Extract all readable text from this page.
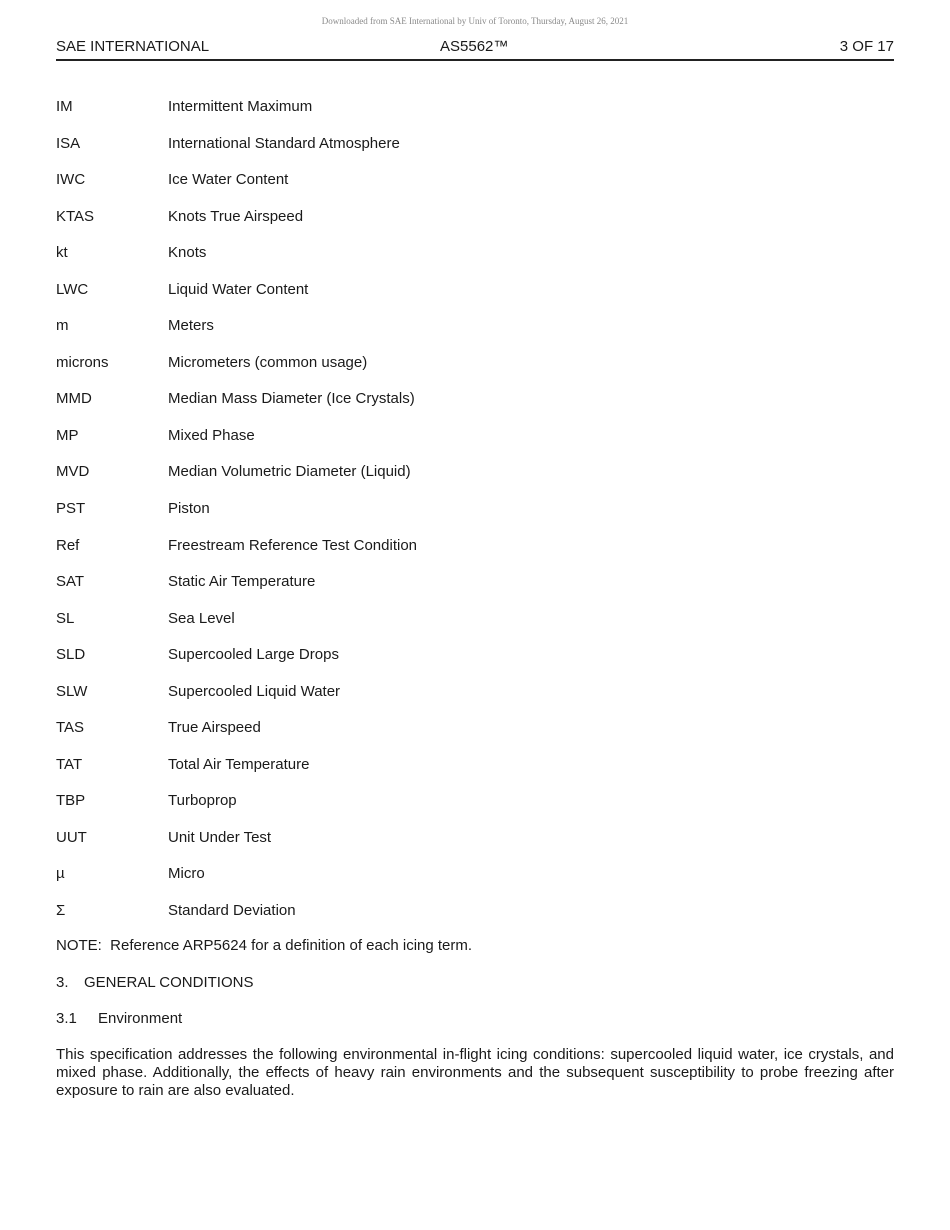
Downloaded from SAE International by Univ of Toronto, Thursday, August 26, 2021
SAE INTERNATIONAL	AS5562™	3 OF 17
IM	Intermittent Maximum
ISA	International Standard Atmosphere
IWC	Ice Water Content
KTAS	Knots True Airspeed
kt	Knots
LWC	Liquid Water Content
m	Meters
microns	Micrometers (common usage)
MMD	Median Mass Diameter (Ice Crystals)
MP	Mixed Phase
MVD	Median Volumetric Diameter (Liquid)
PST	Piston
Ref	Freestream Reference Test Condition
SAT	Static Air Temperature
SL	Sea Level
SLD	Supercooled Large Drops
SLW	Supercooled Liquid Water
TAS	True Airspeed
TAT	Total Air Temperature
TBP	Turboprop
UUT	Unit Under Test
µ	Micro
Σ	Standard Deviation
NOTE:  Reference ARP5624 for a definition of each icing term.
3. GENERAL CONDITIONS
3.1 Environment

This specification addresses the following environmental in-flight icing conditions: supercooled liquid water, ice crystals, and mixed phase. Additionally, the effects of heavy rain environments and the subsequent susceptibility to probe freezing after exposure to rain are also evaluated.
